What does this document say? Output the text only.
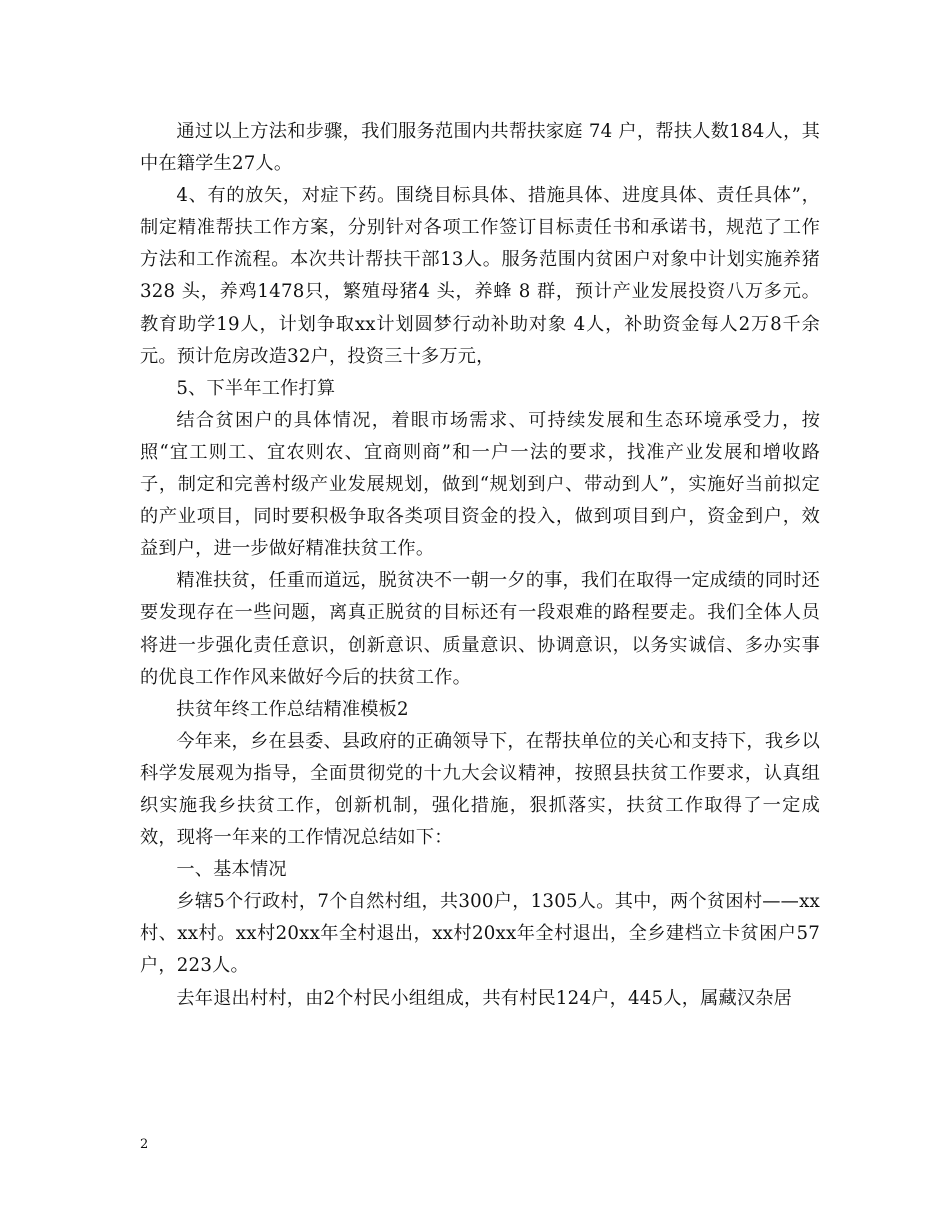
通过以上方法和步骤，我们服务范围内共帮扶家庭 74 户，帮扶人数184人，其中在籍学生27人。

4、有的放矢，对症下药。围绕目标具体、措施具体、进度具体、责任具体”，制定精准帮扶工作方案，分别针对各项工作签订目标责任书和承诺书，规范了工作方法和工作流程。本次共计帮扶干部13人。服务范围内贫困户对象中计划实施养猪 328 头，养鸡1478只，繁殖母猪4 头，养蜂 8 群，预计产业发展投资八万多元。教育助学19人，计划争取xx计划圆梦行动补助对象 4人，补助资金每人2万8千余元。预计危房改造32户，投资三十多万元，

5、下半年工作打算

结合贫困户的具体情况，着眼市场需求、可持续发展和生态环境承受力，按照“宜工则工、宜农则农、宜商则商”和一户一法的要求，找准产业发展和增收路子，制定和完善村级产业发展规划，做到“规划到户、带动到人”，实施好当前拟定的产业项目，同时要积极争取各类项目资金的投入，做到项目到户，资金到户，效益到户，进一步做好精准扶贫工作。

精准扶贫，任重而道远，脱贫决不一朝一夕的事，我们在取得一定成绩的同时还要发现存在一些问题，离真正脱贫的目标还有一段艰难的路程要走。我们全体人员将进一步强化责任意识，创新意识、质量意识、协调意识，以务实诚信、多办实事的优良工作作风来做好今后的扶贫工作。

扶贫年终工作总结精准模板2

今年来，乡在县委、县政府的正确领导下，在帮扶单位的关心和支持下，我乡以科学发展观为指导，全面贯彻党的十九大会议精神，按照县扶贫工作要求，认真组织实施我乡扶贫工作，创新机制，强化措施，狠抓落实，扶贫工作取得了一定成效，现将一年来的工作情况总结如下：

一、基本情况

乡辖5个行政村，7个自然村组，共300户，1305人。其中，两个贫困村——xx村、xx村。xx村20xx年全村退出，xx村20xx年全村退出，全乡建档立卡贫困户57户，223人。

去年退出村村，由2个村民小组组成，共有村民124户，445人，属藏汉杂居

2
